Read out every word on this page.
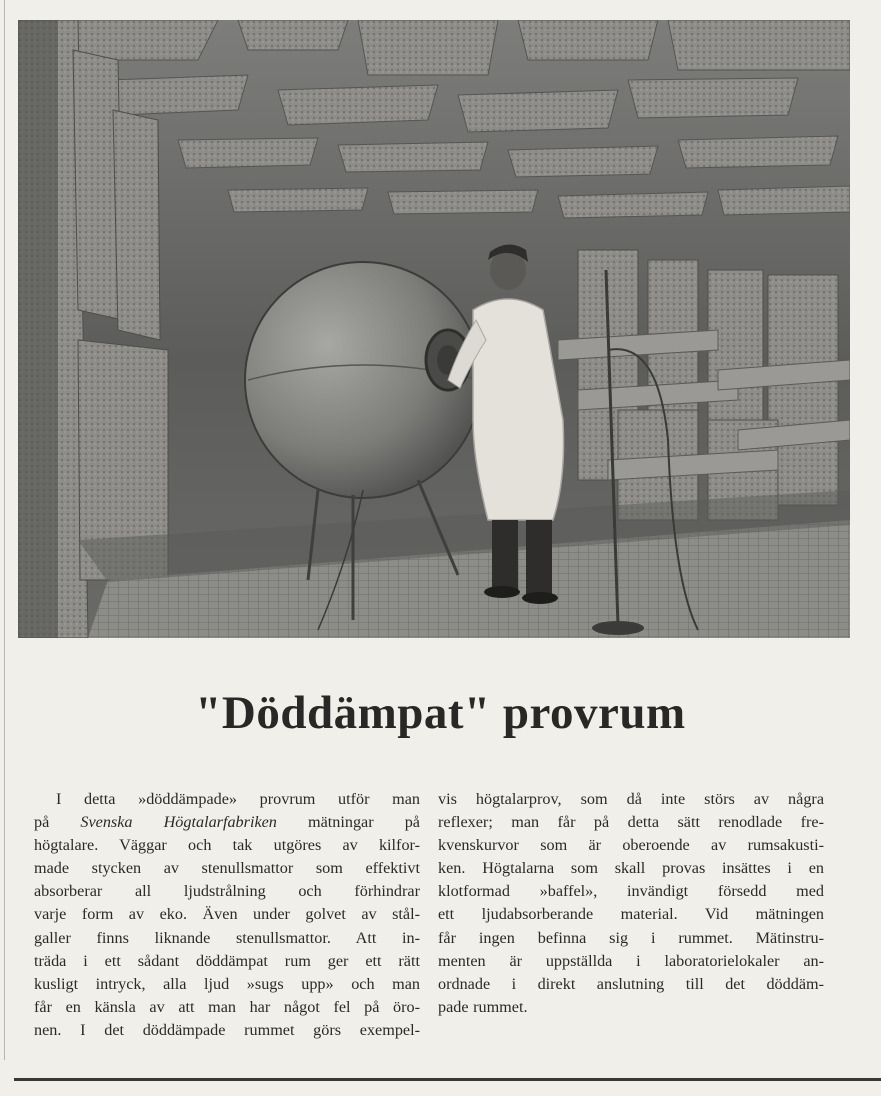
"Döddämpat" provrum
I detta »döddämpade» provrum utför man
på Svenska Högtalarfabriken mätningar på
högtalare. Väggar och tak utgöres av kilfor-
made stycken av stenullsmattor som effektivt
absorberar all ljudstrålning och förhindrar
varje form av eko. Även under golvet av stål-
galler finns liknande stenullsmattor. Att in-
träda i ett sådant döddämpat rum ger ett rätt
kusligt intryck, alla ljud »sugs upp» och man
får en känsla av att man har något fel på öro-
nen. I det döddämpade rummet görs exempel-
vis högtalarprov, som då inte störs av några
reflexer; man får på detta sätt renodlade fre-
kvenskurvor som är oberoende av rumsakusti-
ken. Högtalarna som skall provas insättes i en
klotformad »baffel», invändigt försedd med
ett ljudabsorberande material. Vid mätningen
får ingen befinna sig i rummet. Mätinstru-
menten är uppställda i laboratorielokaler an-
ordnade i direkt anslutning till det döddäm-
pade rummet.
